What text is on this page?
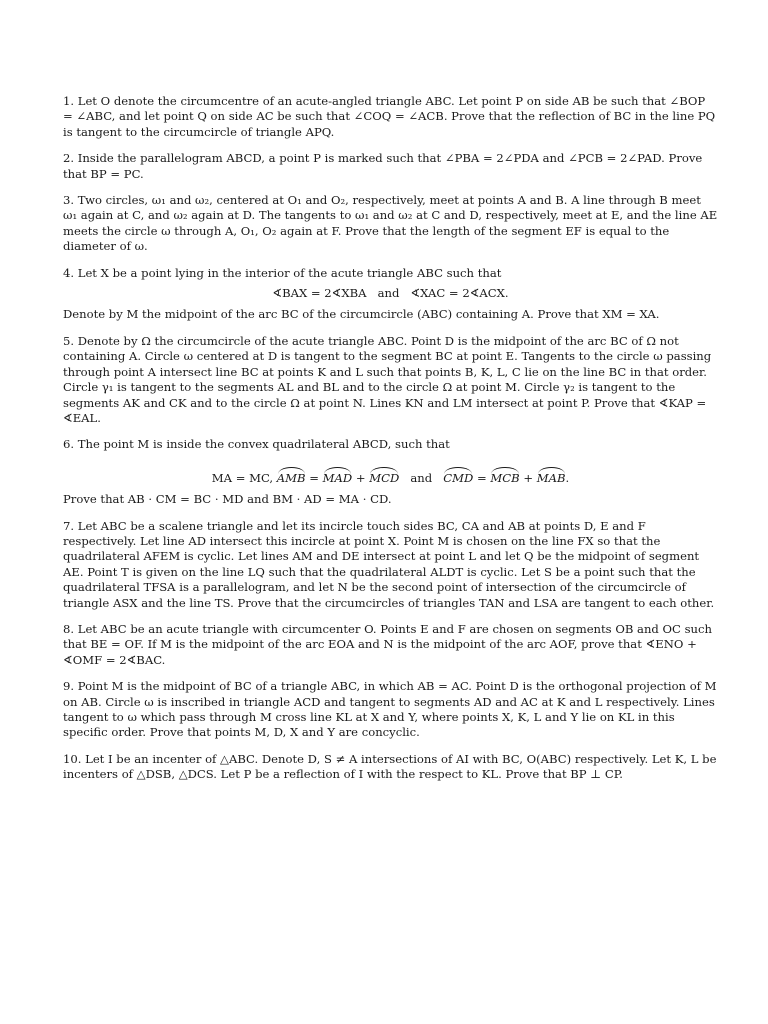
1. Let O denote the circumcentre of an acute-angled triangle ABC. Let point P on side AB be such that ∠BOP = ∠ABC, and let point Q on side AC be such that ∠COQ = ∠ACB. Prove that the reflection of BC in the line PQ is tangent to the circumcircle of triangle APQ.

2. Inside the parallelogram ABCD, a point P is marked such that ∠PBA = 2∠PDA and ∠PCB = 2∠PAD. Prove that BP = PC.

3. Two circles, ω₁ and ω₂, centered at O₁ and O₂, respectively, meet at points A and B. A line through B meet ω₁ again at C, and ω₂ again at D. The tangents to ω₁ and ω₂ at C and D, respectively, meet at E, and the line AE meets the circle ω through A, O₁, O₂ again at F. Prove that the length of the segment EF is equal to the diameter of ω.

4. Let X be a point lying in the interior of the acute triangle ABC such that

∢BAX = 2∢XBA   and   ∢XAC = 2∢ACX.

Denote by M the midpoint of the arc BC of the circumcircle (ABC) containing A. Prove that XM = XA.

5. Denote by Ω the circumcircle of the acute triangle ABC. Point D is the midpoint of the arc BC of Ω not containing A. Circle ω centered at D is tangent to the segment BC at point E. Tangents to the circle ω passing through point A intersect line BC at points K and L such that points B, K, L, C lie on the line BC in that order. Circle γ₁ is tangent to the segments AL and BL and to the circle Ω at point M. Circle γ₂ is tangent to the segments AK and CK and to the circle Ω at point N. Lines KN and LM intersect at point P. Prove that ∢KAP = ∢EAL.

6. The point M is inside the convex quadrilateral ABCD, such that

MA = MC, AMB = MAD + MCD   and   CMD = MCB + MAB.

Prove that AB · CM = BC · MD and BM · AD = MA · CD.

7. Let ABC be a scalene triangle and let its incircle touch sides BC, CA and AB at points D, E and F respectively. Let line AD intersect this incircle at point X. Point M is chosen on the line FX so that the quadrilateral AFEM is cyclic. Let lines AM and DE intersect at point L and let Q be the midpoint of segment AE. Point T is given on the line LQ such that the quadrilateral ALDT is cyclic. Let S be a point such that the quadrilateral TFSA is a parallelogram, and let N be the second point of intersection of the circumcircle of triangle ASX and the line TS. Prove that the circumcircles of triangles TAN and LSA are tangent to each other.

8. Let ABC be an acute triangle with circumcenter O. Points E and F are chosen on segments OB and OC such that BE = OF. If M is the midpoint of the arc EOA and N is the midpoint of the arc AOF, prove that ∢ENO + ∢OMF = 2∢BAC.

9. Point M is the midpoint of BC of a triangle ABC, in which AB = AC. Point D is the orthogonal projection of M on AB. Circle ω is inscribed in triangle ACD and tangent to segments AD and AC at K and L respectively. Lines tangent to ω which pass through M cross line KL at X and Y, where points X, K, L and Y lie on KL in this specific order. Prove that points M, D, X and Y are concyclic.

10. Let I be an incenter of △ABC. Denote D, S ≠ A intersections of AI with BC, O(ABC) respectively. Let K, L be incenters of △DSB, △DCS. Let P be a reflection of I with the respect to KL. Prove that BP ⊥ CP.
